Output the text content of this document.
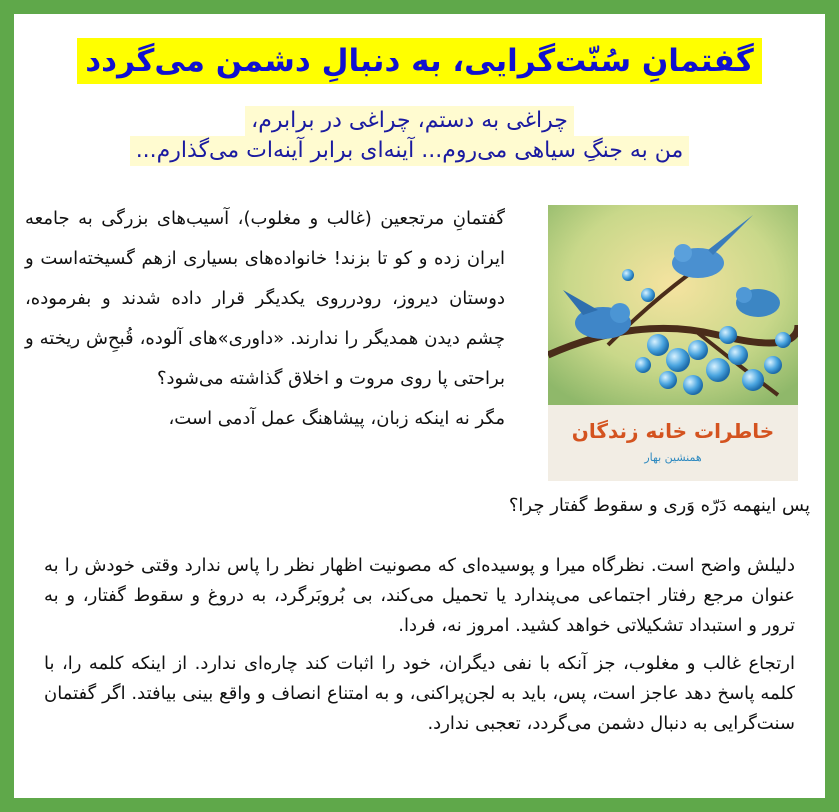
گفتمانِ سُنّت‌گرایی، به دنبالِ دشمن می‌گردد
چراغی به دستم، چراغی در برابرم،
من به جنگِ سیاهی می‌روم... آینه‌ای برابر آینه‌ات می‌گذارم...
خاطرات خانه زندگان
همنشین بهار

گفتمانِ مرتجعین (غالب و مغلوب)، آسیب‌های بزرگی به جامعه ایران زده و کو تا بزند! خانواده‌های بسیاری ازهم گسیخته‌است و دوستان دیروز، رودرروی یکدیگر قرار داده شدند و بفرموده، چشم دیدن همدیگر را ندارند. «داوری»های آلوده، قُبحِ‌ش ریخته و براحتی پا روی مروت و اخلاق گذاشته می‌شود؟

مگر نه اینکه زبان، پیشاهنگ عمل آدمی است،

پس اینهمه دَرّه وَری و سقوط گفتار چرا؟

دلیلش واضح است. نظرگاه میرا و پوسیده‌ای که مصونیت اظهار نظر را پاس ندارد وقتی خودش را به عنوان مرجع رفتار اجتماعی می‌پندارد یا تحمیل می‌کند، بی بُروبَرگرد، به دروغ و سقوط گفتار، و به ترور و استبداد تشکیلاتی خواهد کشید. امروز نه، فردا.

ارتجاع غالب و مغلوب، جز آنکه با نفی دیگران، خود را اثبات کند چاره‌ای ندارد. از اینکه کلمه را، با کلمه پاسخ دهد عاجز است، پس، باید به لجن‌پراکنی، و به امتناع انصاف و واقع بینی بیافتد. اگر گفتمان سنت‌گرایی به دنبال دشمن می‌گردد، تعجبی ندارد.
